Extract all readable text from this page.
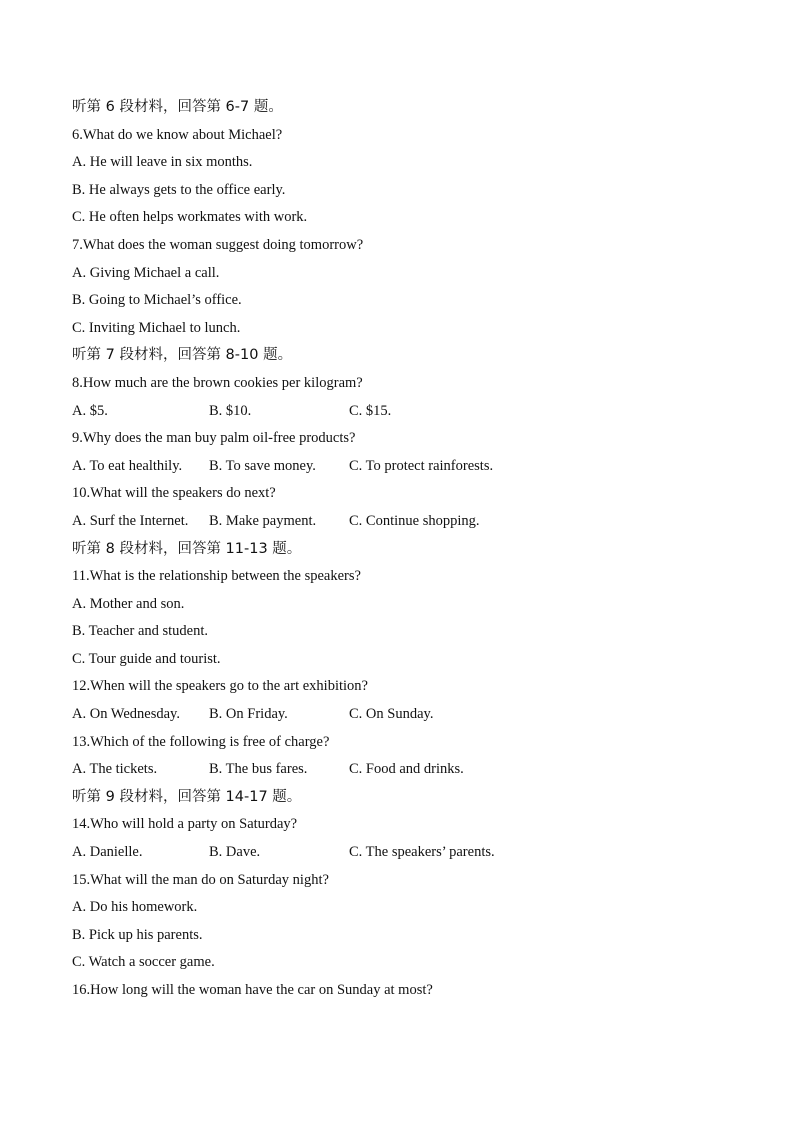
听第 6 段材料，回答第 6-7 题。
6.What do we know about Michael?
A. He will leave in six months.
B. He always gets to the office early.
C. He often helps workmates with work.
7.What does the woman suggest doing tomorrow?
A. Giving Michael a call.
B. Going to Michael’s office.
C. Inviting Michael to lunch.
听第 7 段材料，回答第 8-10 题。
8.How much are the brown cookies per kilogram?
A. $5.	B. $10.	C. $15.
9.Why does the man buy palm oil-free products?
A. To eat healthily. B. To save money. C. To protect rainforests.
10.What will the speakers do next?
A. Surf the Internet. B. Make payment. C. Continue shopping.
听第 8 段材料，回答第 11-13 题。
11.What is the relationship between the speakers?
A. Mother and son.
B. Teacher and student.
C. Tour guide and tourist.
12.When will the speakers go to the art exhibition?
A. On Wednesday. B. On Friday.	C. On Sunday.
13.Which of the following is free of charge?
A. The tickets.	B. The bus fares.	C. Food and drinks.
听第 9 段材料，回答第 14-17 题。
14.Who will hold a party on Saturday?
A. Danielle.	B. Dave.	C. The speakers’ parents.
15.What will the man do on Saturday night?
A. Do his homework.
B. Pick up his parents.
C. Watch a soccer game.
16.How long will the woman have the car on Sunday at most?
